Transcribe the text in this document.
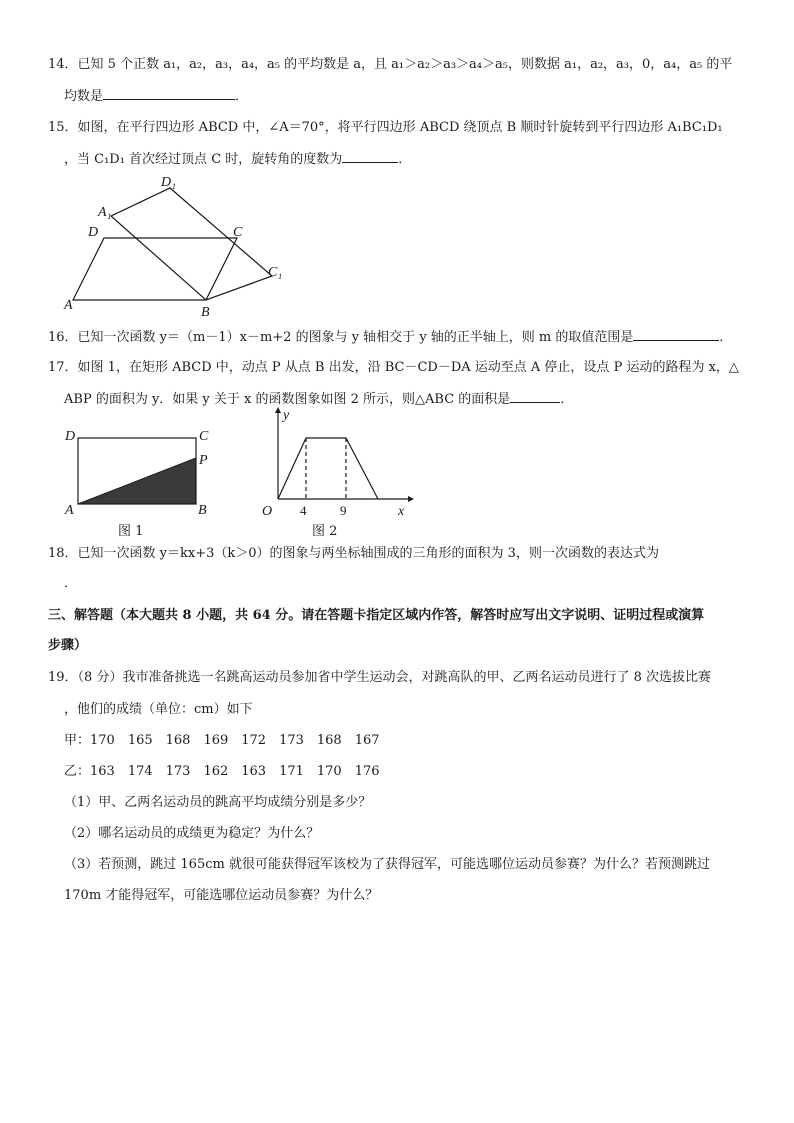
14．已知 5 个正数 a₁，a₂，a₃，a₄，a₅ 的平均数是 a，且 a₁＞a₂＞a₃＞a₄＞a₅，则数据 a₁，a₂，a₃，0，a₄，a₅ 的平
均数是	．
15．如图，在平行四边形 ABCD 中，∠A＝70°，将平行四边形 ABCD 绕顶点 B 顺时针旋转到平行四边形 A₁BC₁D₁
，当 C₁D₁ 首次经过顶点 C 时，旋转角的度数为	．
D₁
A₁
D	C
C₁
A	B
16．已知一次函数 y＝（m－1）x－m+2 的图象与 y 轴相交于 y 轴的正半轴上，则 m 的取值范围是	．
17．如图 1，在矩形 ABCD 中，动点 P 从点 B 出发，沿 BC－CD－DA 运动至点 A 停止，设点 P 运动的路程为 x，△
ABP 的面积为 y．如果 y 关于 x 的函数图象如图 2 所示，则△ABC 的面积是	．
D	C
P
A	B
图 1
y
O 4	9	x
图 2
18．已知一次函数 y＝kx+3（k＞0）的图象与两坐标轴围成的三角形的面积为 3，则一次函数的表达式为
．
三、解答题（本大题共 8 小题，共 64 分。请在答题卡指定区域内作答，解答时应写出文字说明、证明过程或演算
步骤）
19．（8 分）我市准备挑选一名跳高运动员参加省中学生运动会，对跳高队的甲、乙两名运动员进行了 8 次选拔比赛
，他们的成绩（单位：cm）如下
甲：170　165　168　169　172　173　168　167
乙：163　174　173　162　163　171　170　176
（1）甲、乙两名运动员的跳高平均成绩分别是多少？
（2）哪名运动员的成绩更为稳定？为什么？
（3）若预测，跳过 165cm 就很可能获得冠军该校为了获得冠军，可能选哪位运动员参赛？为什么？若预测跳过
170m 才能得冠军，可能选哪位运动员参赛？为什么？
